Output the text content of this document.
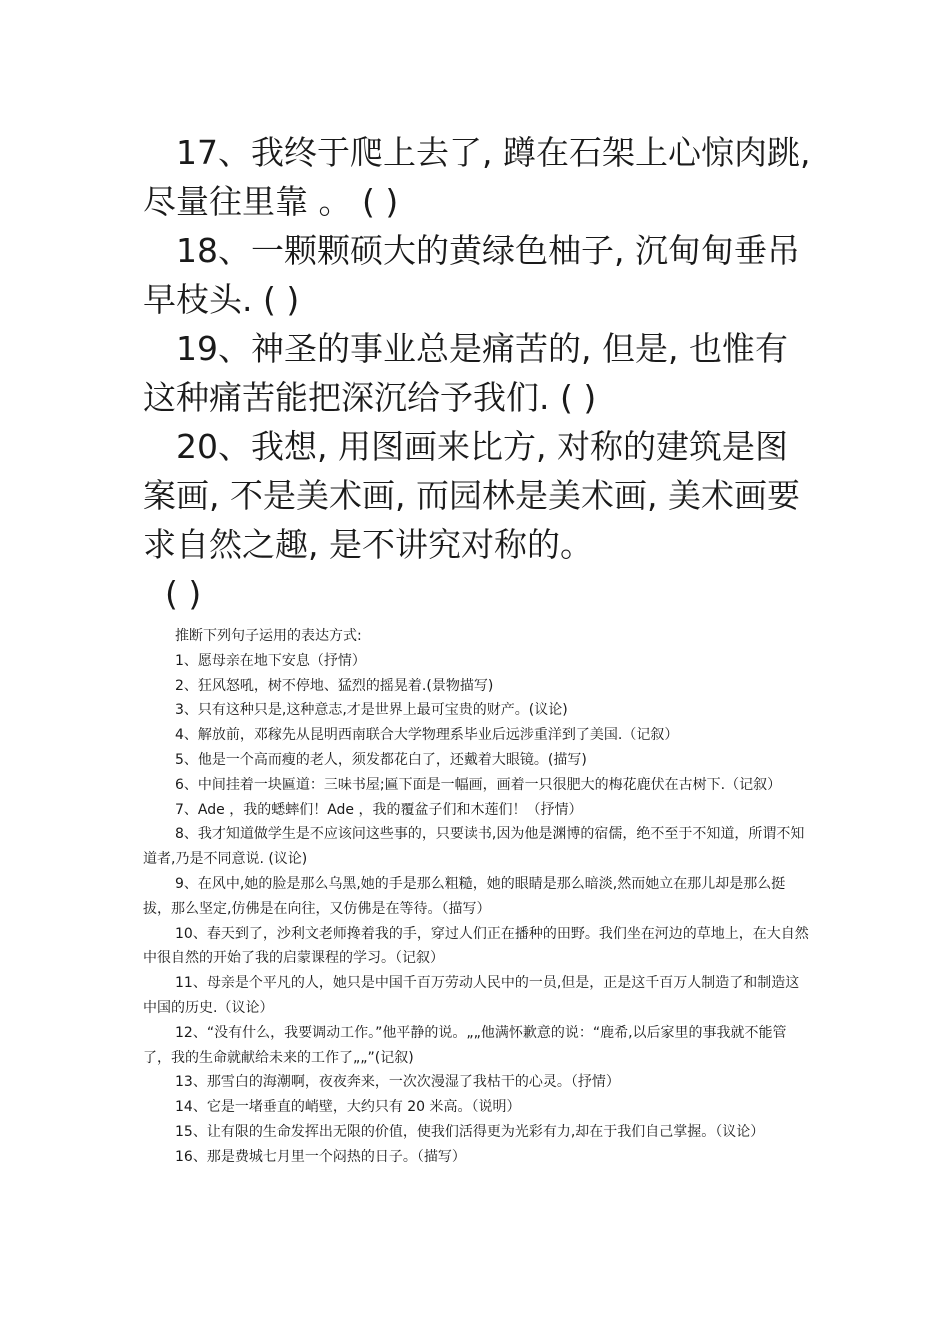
17、我终于爬上去了, 蹲在石架上心惊肉跳, 尽量往里靠 。 ( )

18、一颗颗硕大的黄绿色柚子, 沉甸甸垂吊早枝头. ( )

19、神圣的事业总是痛苦的, 但是, 也惟有这种痛苦能把深沉给予我们. ( )

20、我想, 用图画来比方, 对称的建筑是图案画, 不是美术画, 而园林是美术画, 美术画要求自然之趣, 是不讲究对称的。

( )

推断下列句子运用的表达方式:

1、愿母亲在地下安息（抒情）

2、狂风怒吼，树不停地、猛烈的摇晃着.(景物描写)

3、只有这种只是,这种意志,才是世界上最可宝贵的财产。(议论)

4、解放前，邓稼先从昆明西南联合大学物理系毕业后远涉重洋到了美国.（记叙）

5、他是一个高而瘦的老人，须发都花白了，还戴着大眼镜。(描写)

6、中间挂着一块匾道：三味书屋;匾下面是一幅画，画着一只很肥大的梅花鹿伏在古树下.（记叙）

7、Ade ，我的蟋蟀们！Ade ，我的覆盆子们和木莲们！（抒情）

8、我才知道做学生是不应该问这些事的，只要读书,因为他是渊博的宿儒，绝不至于不知道，所谓不知道者,乃是不同意说. (议论)

9、在风中,她的脸是那么乌黑,她的手是那么粗糙，她的眼睛是那么暗淡,然而她立在那儿却是那么挺拔，那么坚定,仿佛是在向往，又仿佛是在等待。（描写）

10、春天到了，沙利文老师搀着我的手，穿过人们正在播种的田野。我们坐在河边的草地上，在大自然中很自然的开始了我的启蒙课程的学习。（记叙）

11、母亲是个平凡的人，她只是中国千百万劳动人民中的一员,但是，正是这千百万人制造了和制造这中国的历史.（议论）

12、“没有什么，我要调动工作。”他平静的说。„„他满怀歉意的说：“鹿希,以后家里的事我就不能管了，我的生命就献给未来的工作了„„”(记叙)

13、那雪白的海潮啊，夜夜奔来，一次次漫湿了我枯干的心灵。（抒情）

14、它是一堵垂直的峭壁，大约只有 20 米高。（说明）

15、让有限的生命发挥出无限的价值，使我们活得更为光彩有力,却在于我们自己掌握。（议论）

16、那是费城七月里一个闷热的日子。（描写）
